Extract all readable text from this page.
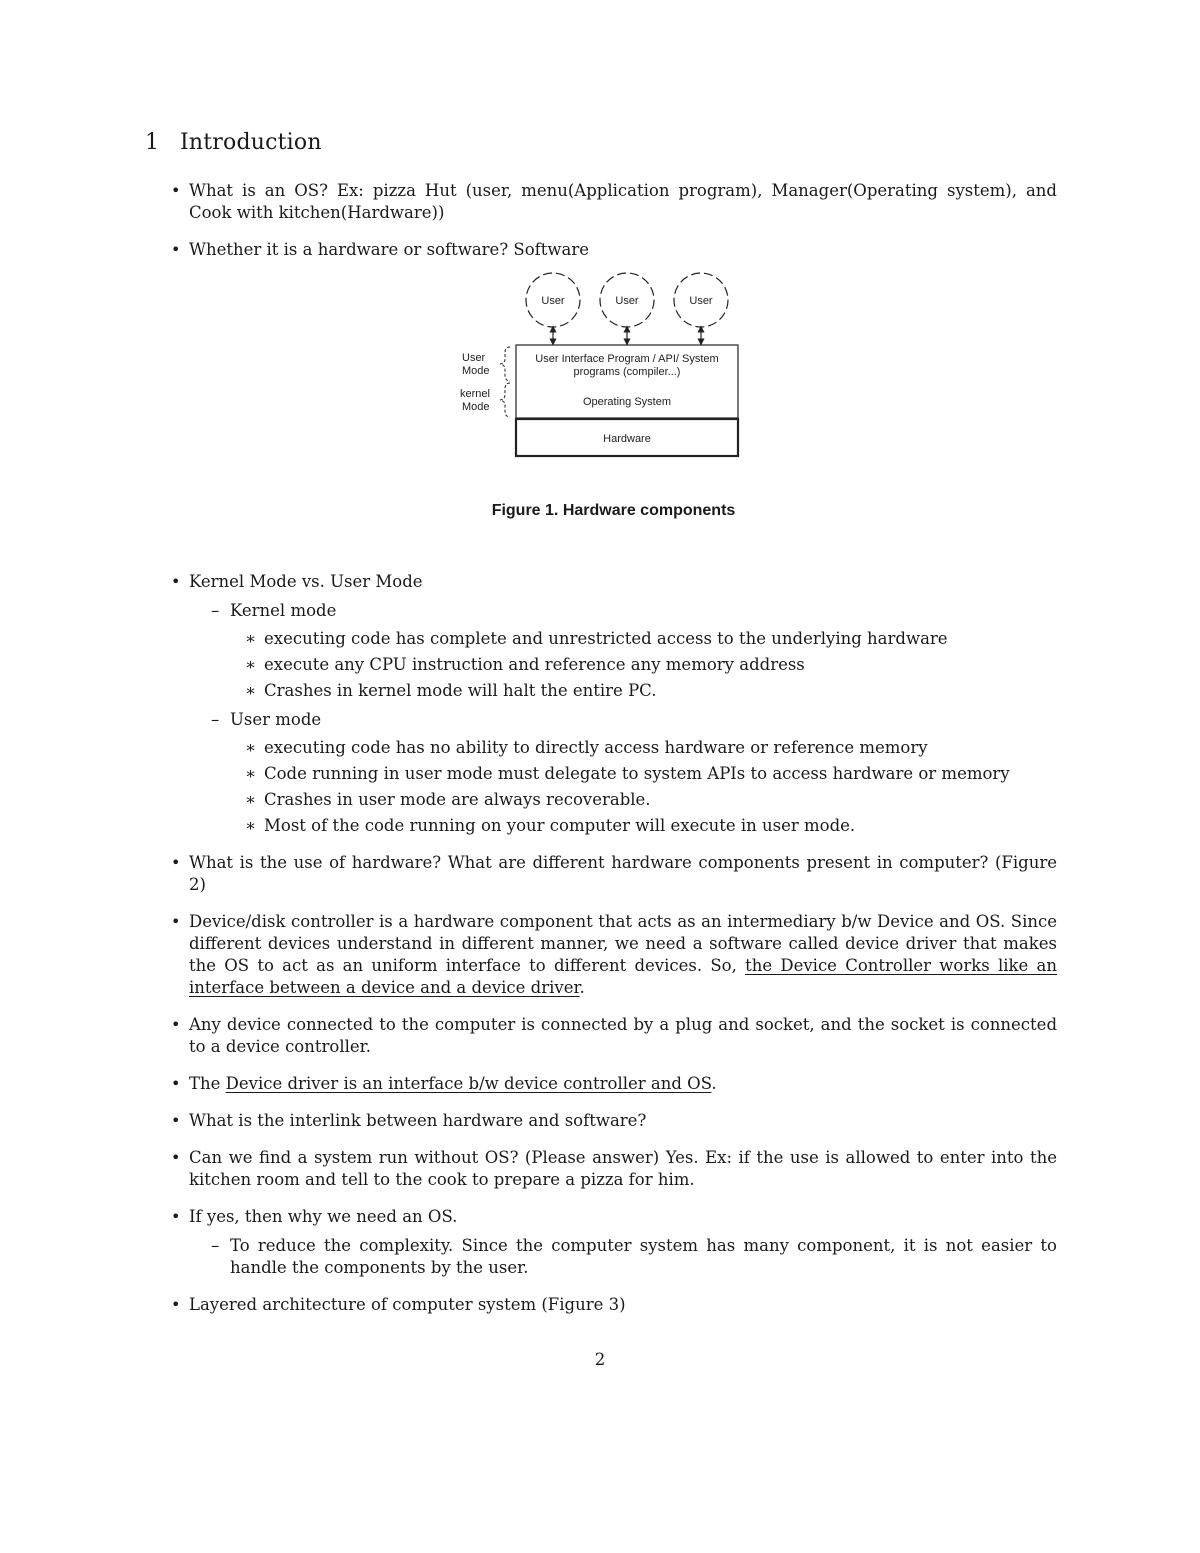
1 Introduction
• What is an OS? Ex: pizza Hut (user, menu(Application program), Manager(Operating system), and Cook with kitchen(Hardware))
• Whether it is a hardware or software? Software
User	User	User
User Interface Program / API/ System
programs (compiler...)
Operating System
Hardware
User
Mode
kernel
Mode
Figure 1. Hardware components
• Kernel Mode vs. User Mode
– Kernel mode
∗ executing code has complete and unrestricted access to the underlying hardware
∗ execute any CPU instruction and reference any memory address
∗ Crashes in kernel mode will halt the entire PC.
– User mode
∗ executing code has no ability to directly access hardware or reference memory
∗ Code running in user mode must delegate to system APIs to access hardware or memory
∗ Crashes in user mode are always recoverable.
∗ Most of the code running on your computer will execute in user mode.
• What is the use of hardware? What are different hardware components present in computer? (Figure 2)
• Device/disk controller is a hardware component that acts as an intermediary b/w Device and OS. Since different devices understand in different manner, we need a software called device driver that makes the OS to act as an uniform interface to different devices. So, the Device Controller works like an interface between a device and a device driver.
• Any device connected to the computer is connected by a plug and socket, and the socket is connected to a device controller.
• The Device driver is an interface b/w device controller and OS.
• What is the interlink between hardware and software?
• Can we find a system run without OS? (Please answer) Yes. Ex: if the use is allowed to enter into the kitchen room and tell to the cook to prepare a pizza for him.
• If yes, then why we need an OS.
– To reduce the complexity. Since the computer system has many component, it is not easier to handle the components by the user.
• Layered architecture of computer system (Figure 3)
2
